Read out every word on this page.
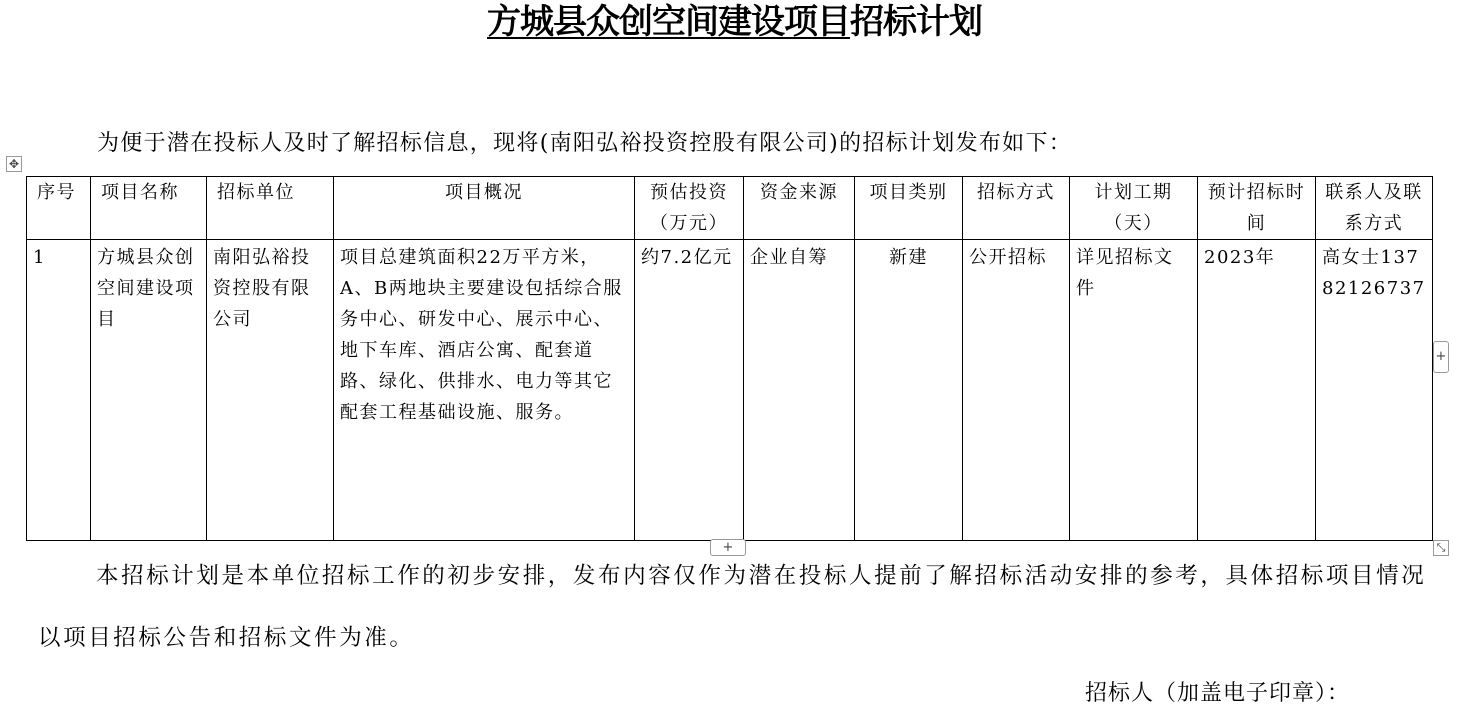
方城县众创空间建设项目招标计划
为便于潜在投标人及时了解招标信息，现将(南阳弘裕投资控股有限公司)的招标计划发布如下：
✥
序号	项目名称	招标单位	项目概况	预估投资（万元）	资金来源	项目类别	招标方式	计划工期（天）	预计招标时间	联系人及联系方式
1	方城县众创空间建设项目	南阳弘裕投资控股有限公司	项目总建筑面积22万平方米，A、B两地块主要建设包括综合服务中心、研发中心、展示中心、地下车库、酒店公寓、配套道路、绿化、供排水、电力等其它配套工程基础设施、服务。	约7.2亿元	企业自筹	新建	公开招标	详见招标文件	2023年	高女士13782126737
+
+	⤡
本招标计划是本单位招标工作的初步安排，发布内容仅作为潜在投标人提前了解招标活动安排的参考，具体招标项目情况以项目招标公告和招标文件为准。
招标人（加盖电子印章）：
